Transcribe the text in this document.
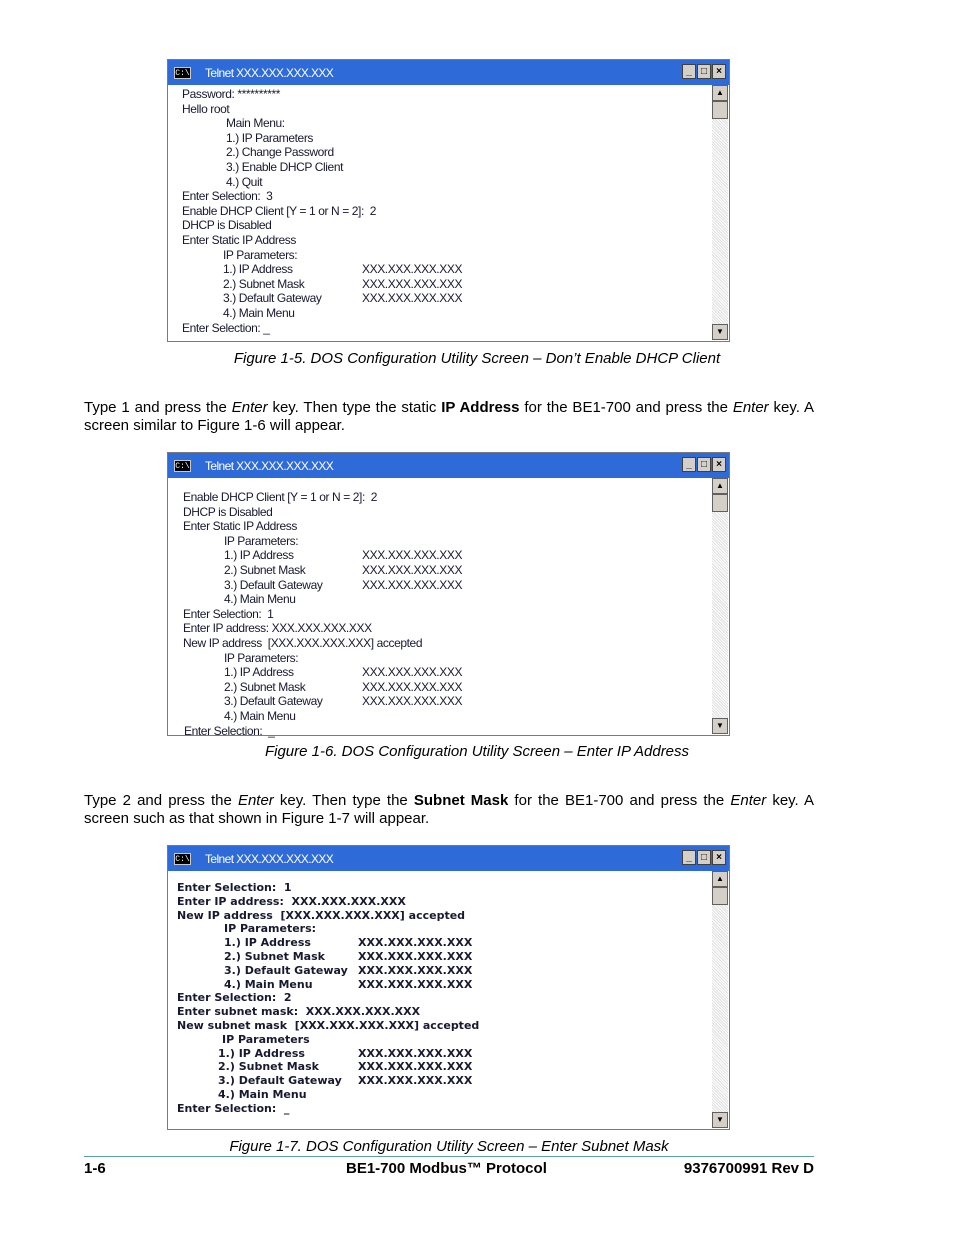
C:\ Telnet XXX.XXX.XXX.XXX	_ □ ×
Password: **********
Hello root
Main Menu:
1.) IP Parameters
2.) Change Password
3.) Enable DHCP Client
4.) Quit
Enter Selection:  3
Enable DHCP Client [Y = 1 or N = 2]:  2
DHCP is Disabled
Enter Static IP Address
IP Parameters:
1.) IP Address	XXX.XXX.XXX.XXX
2.) Subnet Mask	XXX.XXX.XXX.XXX
3.) Default Gateway	XXX.XXX.XXX.XXX
4.) Main Menu
Enter Selection: _
▲
▼
Figure 1-5. DOS Configuration Utility Screen – Don’t Enable DHCP Client
Type 1 and press the Enter key. Then type the static IP Address for the BE1-700 and press the Enter key. A screen similar to Figure 1-6 will appear.
C:\ Telnet XXX.XXX.XXX.XXX	_ □ ×
Enable DHCP Client [Y = 1 or N = 2]:  2
DHCP is Disabled
Enter Static IP Address
IP Parameters:
1.) IP Address	XXX.XXX.XXX.XXX
2.) Subnet Mask	XXX.XXX.XXX.XXX
3.) Default Gateway	XXX.XXX.XXX.XXX
4.) Main Menu
Enter Selection:  1
Enter IP address: XXX.XXX.XXX.XXX
New IP address  [XXX.XXX.XXX.XXX] accepted
IP Parameters:
1.) IP Address	XXX.XXX.XXX.XXX
2.) Subnet Mask	XXX.XXX.XXX.XXX
3.) Default Gateway	XXX.XXX.XXX.XXX
4.) Main Menu
Enter Selection:  _
▲
▼
Figure 1-6. DOS Configuration Utility Screen – Enter IP Address
Type 2 and press the Enter key. Then type the Subnet Mask for the BE1-700 and press the Enter key. A screen such as that shown in Figure 1-7 will appear.
C:\ Telnet XXX.XXX.XXX.XXX	_ □ ×
Enter Selection:  1
Enter IP address:  XXX.XXX.XXX.XXX
New IP address  [XXX.XXX.XXX.XXX] accepted
IP Parameters:
1.) IP Address	XXX.XXX.XXX.XXX
2.) Subnet Mask	XXX.XXX.XXX.XXX
3.) Default Gateway XXX.XXX.XXX.XXX
4.) Main Menu	XXX.XXX.XXX.XXX
Enter Selection:  2
Enter subnet mask:  XXX.XXX.XXX.XXX
New subnet mask  [XXX.XXX.XXX.XXX] accepted
IP Parameters
1.) IP Address	XXX.XXX.XXX.XXX
2.) Subnet Mask	XXX.XXX.XXX.XXX
3.) Default Gateway XXX.XXX.XXX.XXX
4.) Main Menu
Enter Selection:  _
▲
▼
Figure 1-7. DOS Configuration Utility Screen – Enter Subnet Mask
1-6	BE1-700 Modbus™ Protocol	9376700991 Rev D
